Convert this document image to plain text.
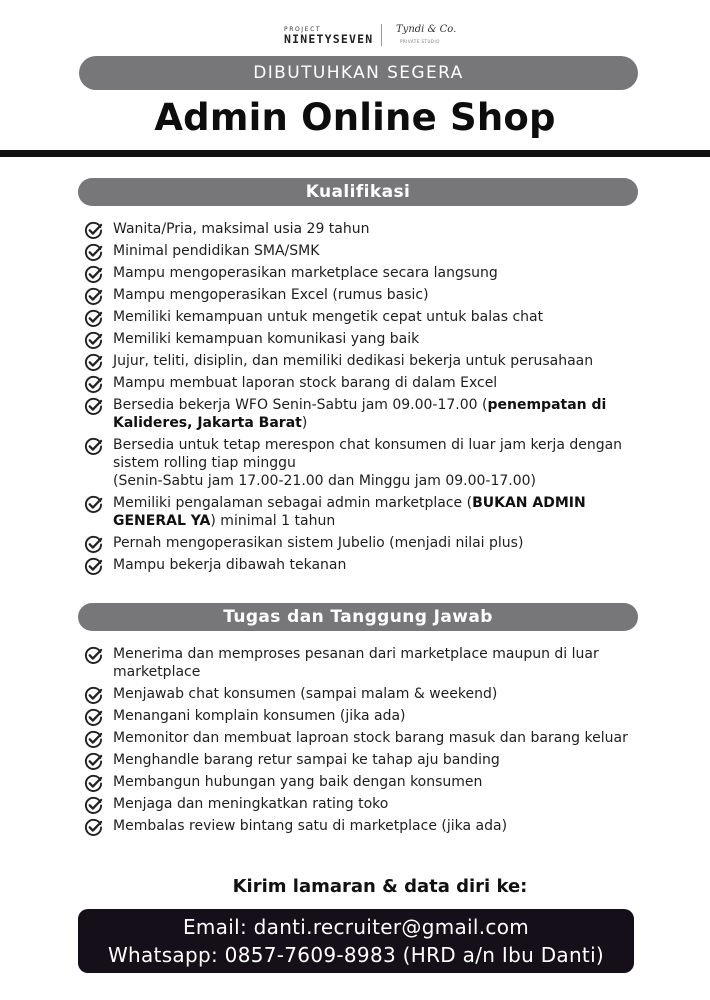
PROJECT
NINETYSEVEN
Tyndi & Co.
PRIVATE STUDIO
DIBUTUHKAN SEGERA
Admin Online Shop
Kualifikasi
Wanita/Pria, maksimal usia 29 tahun
Minimal pendidikan SMA/SMK
Mampu mengoperasikan marketplace secara langsung
Mampu mengoperasikan Excel (rumus basic)
Memiliki kemampuan untuk mengetik cepat untuk balas chat
Memiliki kemampuan komunikasi yang baik
Jujur, teliti, disiplin, dan memiliki dedikasi bekerja untuk perusahaan
Mampu membuat laporan stock barang di dalam Excel
Bersedia bekerja WFO Senin-Sabtu jam 09.00-17.00 (penempatan di Kalideres, Jakarta Barat)
Bersedia untuk tetap merespon chat konsumen di luar jam kerja dengan sistem rolling tiap minggu
(Senin-Sabtu jam 17.00-21.00 dan Minggu jam 09.00-17.00)
Memiliki pengalaman sebagai admin marketplace (BUKAN ADMIN GENERAL YA) minimal 1 tahun
Pernah mengoperasikan sistem Jubelio (menjadi nilai plus)
Mampu bekerja dibawah tekanan
Tugas dan Tanggung Jawab
Menerima dan memproses pesanan dari marketplace maupun di luar marketplace
Menjawab chat konsumen (sampai malam & weekend)
Menangani komplain konsumen (jika ada)
Memonitor dan membuat laproan stock barang masuk dan barang keluar
Menghandle barang retur sampai ke tahap aju banding
Membangun hubungan yang baik dengan konsumen
Menjaga dan meningkatkan rating toko
Membalas review bintang satu di marketplace (jika ada)
Kirim lamaran & data diri ke:
Email: danti.recruiter@gmail.com
Whatsapp: 0857-7609-8983 (HRD a/n Ibu Danti)
